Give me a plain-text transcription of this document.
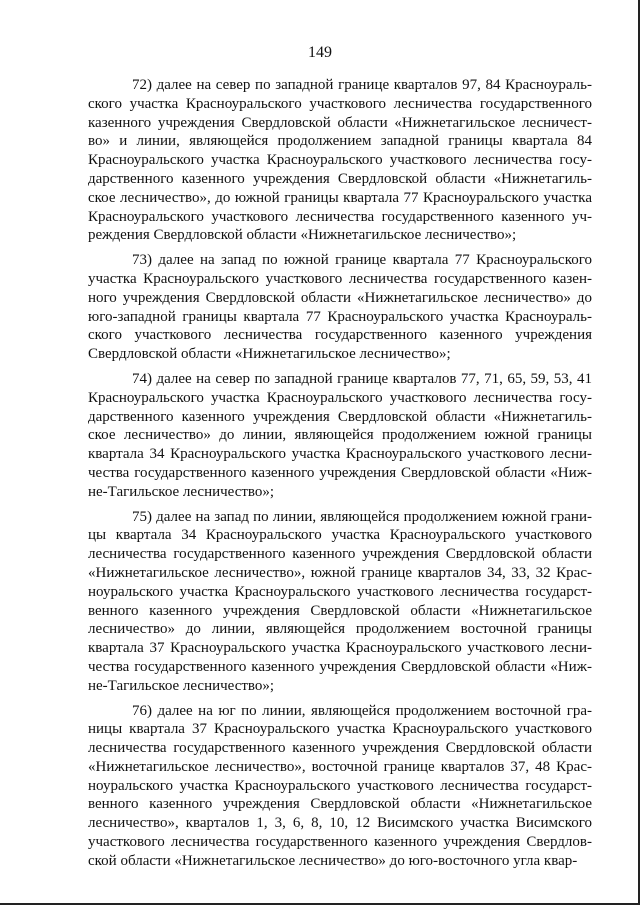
149

72) далее на север по западной границе кварталов 97, 84 Красноуральского участка Красноуральского участкового лесничества государственного казенного учреждения Свердловской области «Нижнетагильское лесничество» и линии, являющейся продолжением западной границы квартала 84 Красноуральского участка Красноуральского участкового лесничества государственного казенного учреждения Свердловской области «Нижнетагильское лесничество», до южной границы квартала 77 Красноуральского участка Красноуральского участкового лесничества государственного казенного учреждения Свердловской области «Нижнетагильское лесничество»;

73) далее на запад по южной границе квартала 77 Красноуральского участка Красноуральского участкового лесничества государственного казенного учреждения Свердловской области «Нижнетагильское лесничество» до юго-западной границы квартала 77 Красноуральского участка Красноуральского участкового лесничества государственного казенного учреждения Свердловской области «Нижнетагильское лесничество»;

74) далее на север по западной границе кварталов 77, 71, 65, 59, 53, 41 Красноуральского участка Красноуральского участкового лесничества государственного казенного учреждения Свердловской области «Нижнетагильское лесничество» до линии, являющейся продолжением южной границы квартала 34 Красноуральского участка Красноуральского участкового лесничества государственного казенного учреждения Свердловской области «Нижне-Тагильское лесничество»;

75) далее на запад по линии, являющейся продолжением южной границы квартала 34 Красноуральского участка Красноуральского участкового лесничества государственного казенного учреждения Свердловской области «Нижнетагильское лесничество», южной границе кварталов 34, 33, 32 Красноуральского участка Красноуральского участкового лесничества государственного казенного учреждения Свердловской области «Нижнетагильское лесничество» до линии, являющейся продолжением восточной границы квартала 37 Красноуральского участка Красноуральского участкового лесничества государственного казенного учреждения Свердловской области «Нижне-Тагильское лесничество»;

76) далее на юг по линии, являющейся продолжением восточной границы квартала 37 Красноуральского участка Красноуральского участкового лесничества государственного казенного учреждения Свердловской области «Нижнетагильское лесничество», восточной границе кварталов 37, 48 Красноуральского участка Красноуральского участкового лесничества государственного казенного учреждения Свердловской области «Нижнетагильское лесничество», кварталов 1, 3, 6, 8, 10, 12 Висимского участка Висимского участкового лесничества государственного казенного учреждения Свердловской области «Нижнетагильское лесничество» до юго-восточного угла квар-
